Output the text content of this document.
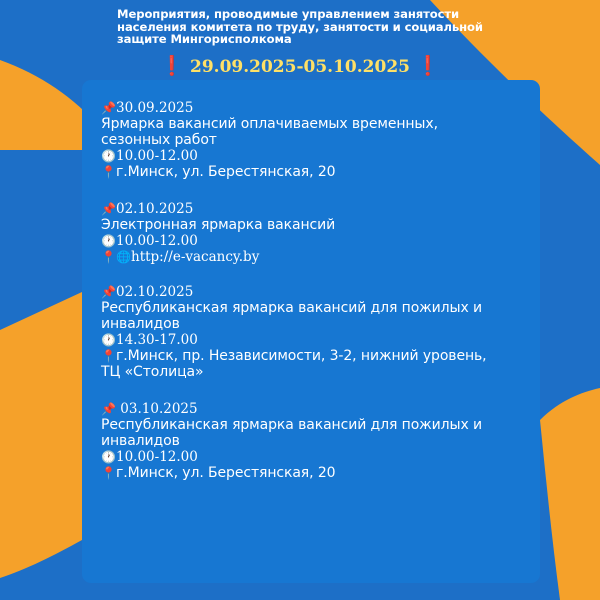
Мероприятия, проводимые управлением занятости
населения комитета по труду, занятости и социальной
защите Мингорисполкома
❗ 29.09.2025-05.10.2025 ❗
📌30.09.2025
Ярмарка вакансий оплачиваемых временных,
сезонных работ
🕐10.00-12.00
📍г.Минск, ул. Берестянская, 20
📌02.10.2025
Электронная ярмарка вакансий
🕐10.00-12.00
📍🌐http://e-vacancy.by
📌02.10.2025
Республиканская ярмарка вакансий для пожилых и
инвалидов
🕐14.30-17.00
📍г.Минск, пр. Независимости, 3-2, нижний уровень,
ТЦ «Столица»
📌 03.10.2025
Республиканская ярмарка вакансий для пожилых и
инвалидов
🕐10.00-12.00
📍г.Минск, ул. Берестянская, 20
